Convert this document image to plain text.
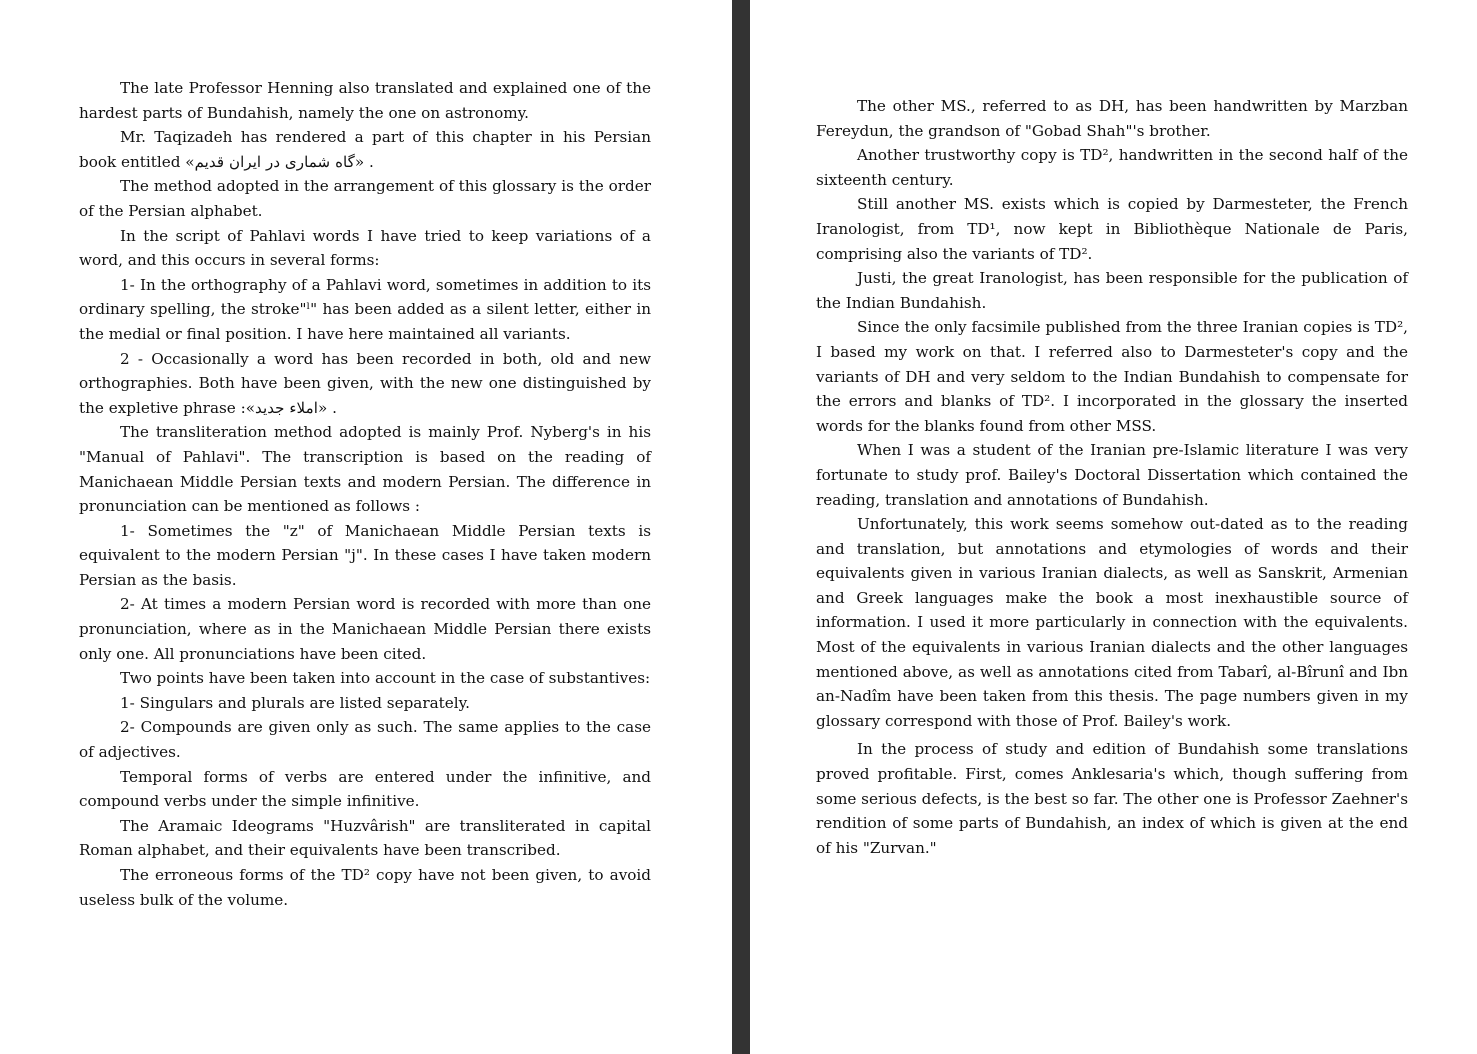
The late Professor Henning also translated and explained one of the hardest parts of Bundahish, namely the one on astronomy.

Mr. Taqizadeh has rendered a part of this chapter in his Persian book entitled «گاه شماری در ایران قدیم» .

The method adopted in the arrangement of this glossary is the order of the Persian alphabet.

In the script of Pahlavi words I have tried to keep variations of a word, and this occurs in several forms:

1- In the orthography of a Pahlavi word, sometimes in addition to its ordinary spelling, the stroke"ˡ" has been added as a silent letter, either in the medial or final position. I have here maintained all variants.

2 - Occasionally a word has been recorded in both, old and new orthographies. Both have been given, with the new one distinguished by the expletive phrase :«املاء جدید» .

The transliteration method adopted is mainly Prof. Nyberg's in his "Manual of Pahlavi". The transcription is based on the reading of Manichaean Middle Persian texts and modern Persian. The difference in pronunciation can be mentioned as follows :

1- Sometimes the "z" of Manichaean Middle Persian texts is equivalent to the modern Persian "j". In these cases I have taken modern Persian as the basis.

2- At times a modern Persian word is recorded with more than one pronunciation, where as in the Manichaean Middle Persian there exists only one. All pronunciations have been cited.

Two points have been taken into account in the case of substantives:

1- Singulars and plurals are listed separately.

2- Compounds are given only as such. The same applies to the case of adjectives.

Temporal forms of verbs are entered under the infinitive, and compound verbs under the simple infinitive.

The Aramaic Ideograms "Huzvârish" are transliterated in capital Roman alphabet, and their equivalents have been transcribed.

The erroneous forms of the TD² copy have not been given, to avoid useless bulk of the volume.

The other MS., referred to as DH, has been handwritten by Marzban Fereydun, the grandson of "Gobad Shah"'s brother.

Another trustworthy copy is TD², handwritten in the second half of the sixteenth century.

Still another MS. exists which is copied by Darmesteter, the French Iranologist, from TD¹, now kept in Bibliothèque Nationale de Paris, comprising also the variants of TD².

Justi, the great Iranologist, has been responsible for the publication of the Indian Bundahish.

Since the only facsimile published from the three Iranian copies is TD², I based my work on that. I referred also to Darmesteter's copy and the variants of DH and very seldom to the Indian Bundahish to compensate for the errors and blanks of TD². I incorporated in the glossary the inserted words for the blanks found from other MSS.

When I was a student of the Iranian pre-Islamic literature I was very fortunate to study prof. Bailey's Doctoral Dissertation which contained the reading, translation and annotations of Bundahish.

Unfortunately, this work seems somehow out-dated as to the reading and translation, but annotations and etymologies of words and their equivalents given in various Iranian dialects, as well as Sanskrit, Armenian and Greek languages make the book a most inexhaustible source of information. I used it more particularly in connection with the equivalents. Most of the equivalents in various Iranian dialects and the other languages mentioned above, as well as annotations cited from Tabarî, al-Bîrunî and Ibn an-Nadîm have been taken from this thesis. The page numbers given in my glossary correspond with those of Prof. Bailey's work.

In the process of study and edition of Bundahish some translations proved profitable. First, comes Anklesaria's which, though suffering from some serious defects, is the best so far. The other one is Professor Zaehner's rendition of some parts of Bundahish, an index of which is given at the end of his "Zurvan."
